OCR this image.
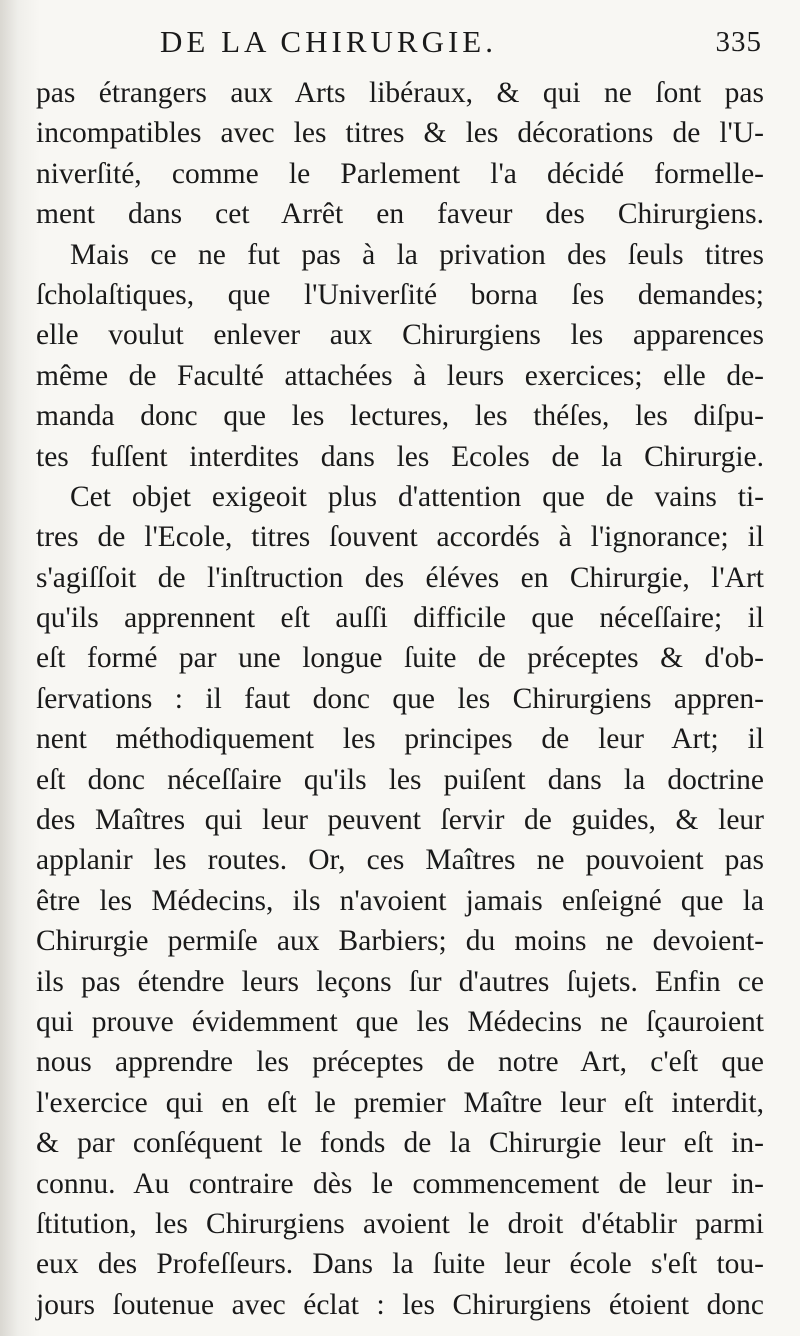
DE LA CHIRURGIE.	335
pas étrangers aux Arts libéraux, & qui ne ſont pas
incompatibles avec les titres & les décorations de l'U-
niverſité, comme le Parlement l'a décidé formelle-
ment dans cet Arrêt en faveur des Chirurgiens.
Mais ce ne fut pas à la privation des ſeuls titres
ſcholaſtiques, que l'Univerſité borna ſes demandes;
elle voulut enlever aux Chirurgiens les apparences
même de Faculté attachées à leurs exercices; elle de-
manda donc que les lectures, les théſes, les diſpu-
tes fuſſent interdites dans les Ecoles de la Chirurgie.
Cet objet exigeoit plus d'attention que de vains ti-
tres de l'Ecole, titres ſouvent accordés à l'ignorance; il
s'agiſſoit de l'inſtruction des éléves en Chirurgie, l'Art
qu'ils apprennent eſt auſſi difficile que néceſſaire; il
eſt formé par une longue ſuite de préceptes & d'ob-
ſervations : il faut donc que les Chirurgiens appren-
nent méthodiquement les principes de leur Art; il
eſt donc néceſſaire qu'ils les puiſent dans la doctrine
des Maîtres qui leur peuvent ſervir de guides, & leur
applanir les routes. Or, ces Maîtres ne pouvoient pas
être les Médecins, ils n'avoient jamais enſeigné que la
Chirurgie permiſe aux Barbiers; du moins ne devoient-
ils pas étendre leurs leçons ſur d'autres ſujets. Enfin ce
qui prouve évidemment que les Médecins ne ſçauroient
nous apprendre les préceptes de notre Art, c'eſt que
l'exercice qui en eſt le premier Maître leur eſt interdit,
& par conſéquent le fonds de la Chirurgie leur eſt in-
connu. Au contraire dès le commencement de leur in-
ſtitution, les Chirurgiens avoient le droit d'établir parmi
eux des Profeſſeurs. Dans la ſuite leur école s'eſt tou-
jours ſoutenue avec éclat : les Chirurgiens étoient donc
